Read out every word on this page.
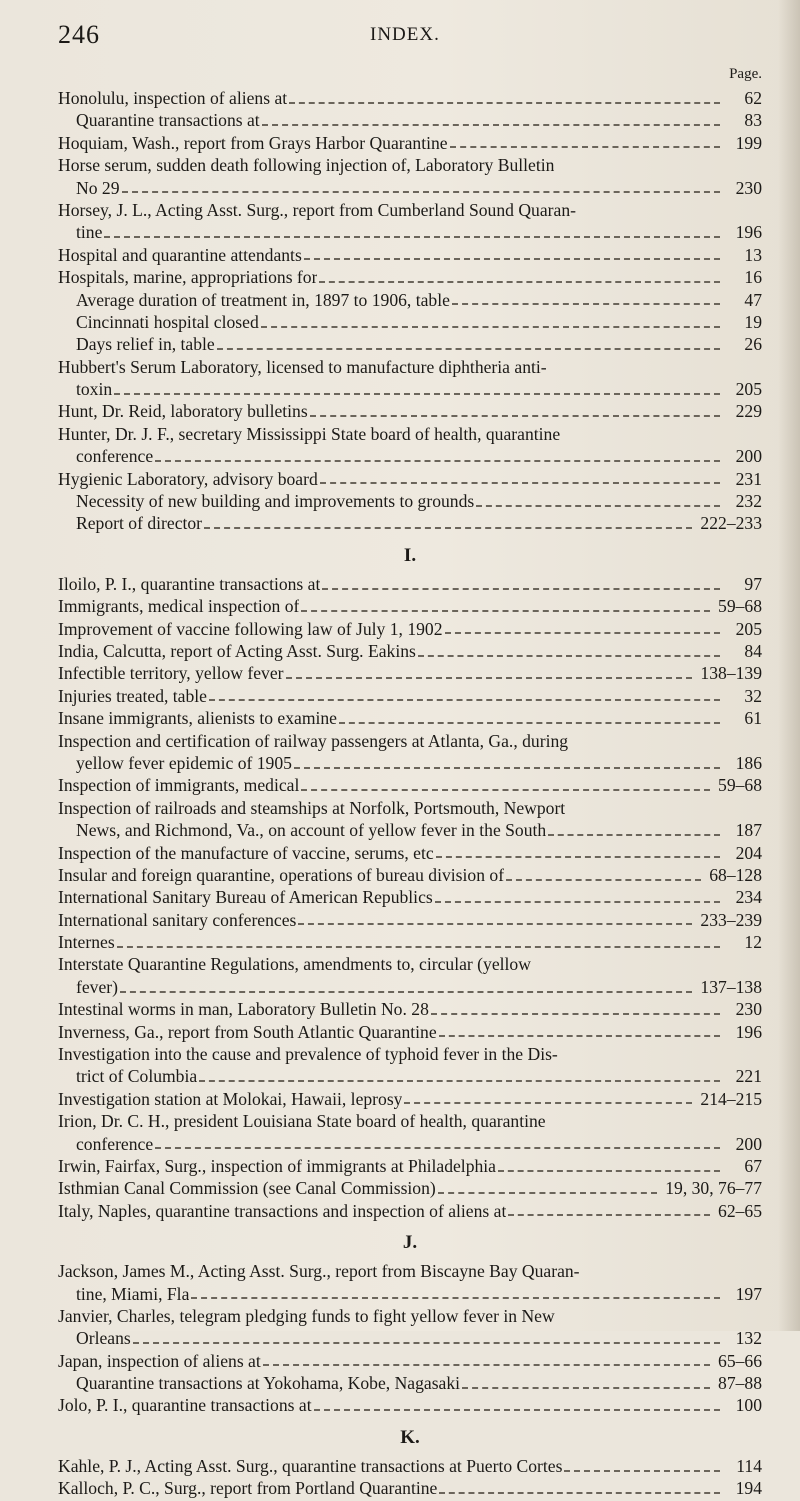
246	INDEX.
Page.
Honolulu, inspection of aliens at	62
Quarantine transactions at	83
Hoquiam, Wash., report from Grays Harbor Quarantine	199
Horse serum, sudden death following injection of, Laboratory Bulletin
No 29	230
Horsey, J. L., Acting Asst. Surg., report from Cumberland Sound Quaran-
tine	196
Hospital and quarantine attendants	13
Hospitals, marine, appropriations for	16
Average duration of treatment in, 1897 to 1906, table	47
Cincinnati hospital closed	19
Days relief in, table	26
Hubbert's Serum Laboratory, licensed to manufacture diphtheria anti-
toxin	205
Hunt, Dr. Reid, laboratory bulletins	229
Hunter, Dr. J. F., secretary Mississippi State board of health, quarantine
conference	200
Hygienic Laboratory, advisory board	231
Necessity of new building and improvements to grounds	232
Report of director	222–233
I.
Iloilo, P. I., quarantine transactions at	97
Immigrants, medical inspection of	59–68
Improvement of vaccine following law of July 1, 1902	205
India, Calcutta, report of Acting Asst. Surg. Eakins	84
Infectible territory, yellow fever	138–139
Injuries treated, table	32
Insane immigrants, alienists to examine	61
Inspection and certification of railway passengers at Atlanta, Ga., during
yellow fever epidemic of 1905	186
Inspection of immigrants, medical	59–68
Inspection of railroads and steamships at Norfolk, Portsmouth, Newport
News, and Richmond, Va., on account of yellow fever in the South	187
Inspection of the manufacture of vaccine, serums, etc	204
Insular and foreign quarantine, operations of bureau division of	68–128
International Sanitary Bureau of American Republics	234
International sanitary conferences	233–239
Internes	12
Interstate Quarantine Regulations, amendments to, circular (yellow
fever)	137–138
Intestinal worms in man, Laboratory Bulletin No. 28	230
Inverness, Ga., report from South Atlantic Quarantine	196
Investigation into the cause and prevalence of typhoid fever in the Dis-
trict of Columbia	221
Investigation station at Molokai, Hawaii, leprosy	214–215
Irion, Dr. C. H., president Louisiana State board of health, quarantine
conference	200
Irwin, Fairfax, Surg., inspection of immigrants at Philadelphia	67
Isthmian Canal Commission (see Canal Commission)	19, 30, 76–77
Italy, Naples, quarantine transactions and inspection of aliens at	62–65
J.
Jackson, James M., Acting Asst. Surg., report from Biscayne Bay Quaran-
tine, Miami, Fla	197
Janvier, Charles, telegram pledging funds to fight yellow fever in New
Orleans	132
Japan, inspection of aliens at	65–66
Quarantine transactions at Yokohama, Kobe, Nagasaki	87–88
Jolo, P. I., quarantine transactions at	100
K.
Kahle, P. J., Acting Asst. Surg., quarantine transactions at Puerto Cortes	114
Kalloch, P. C., Surg., report from Portland Quarantine	194
